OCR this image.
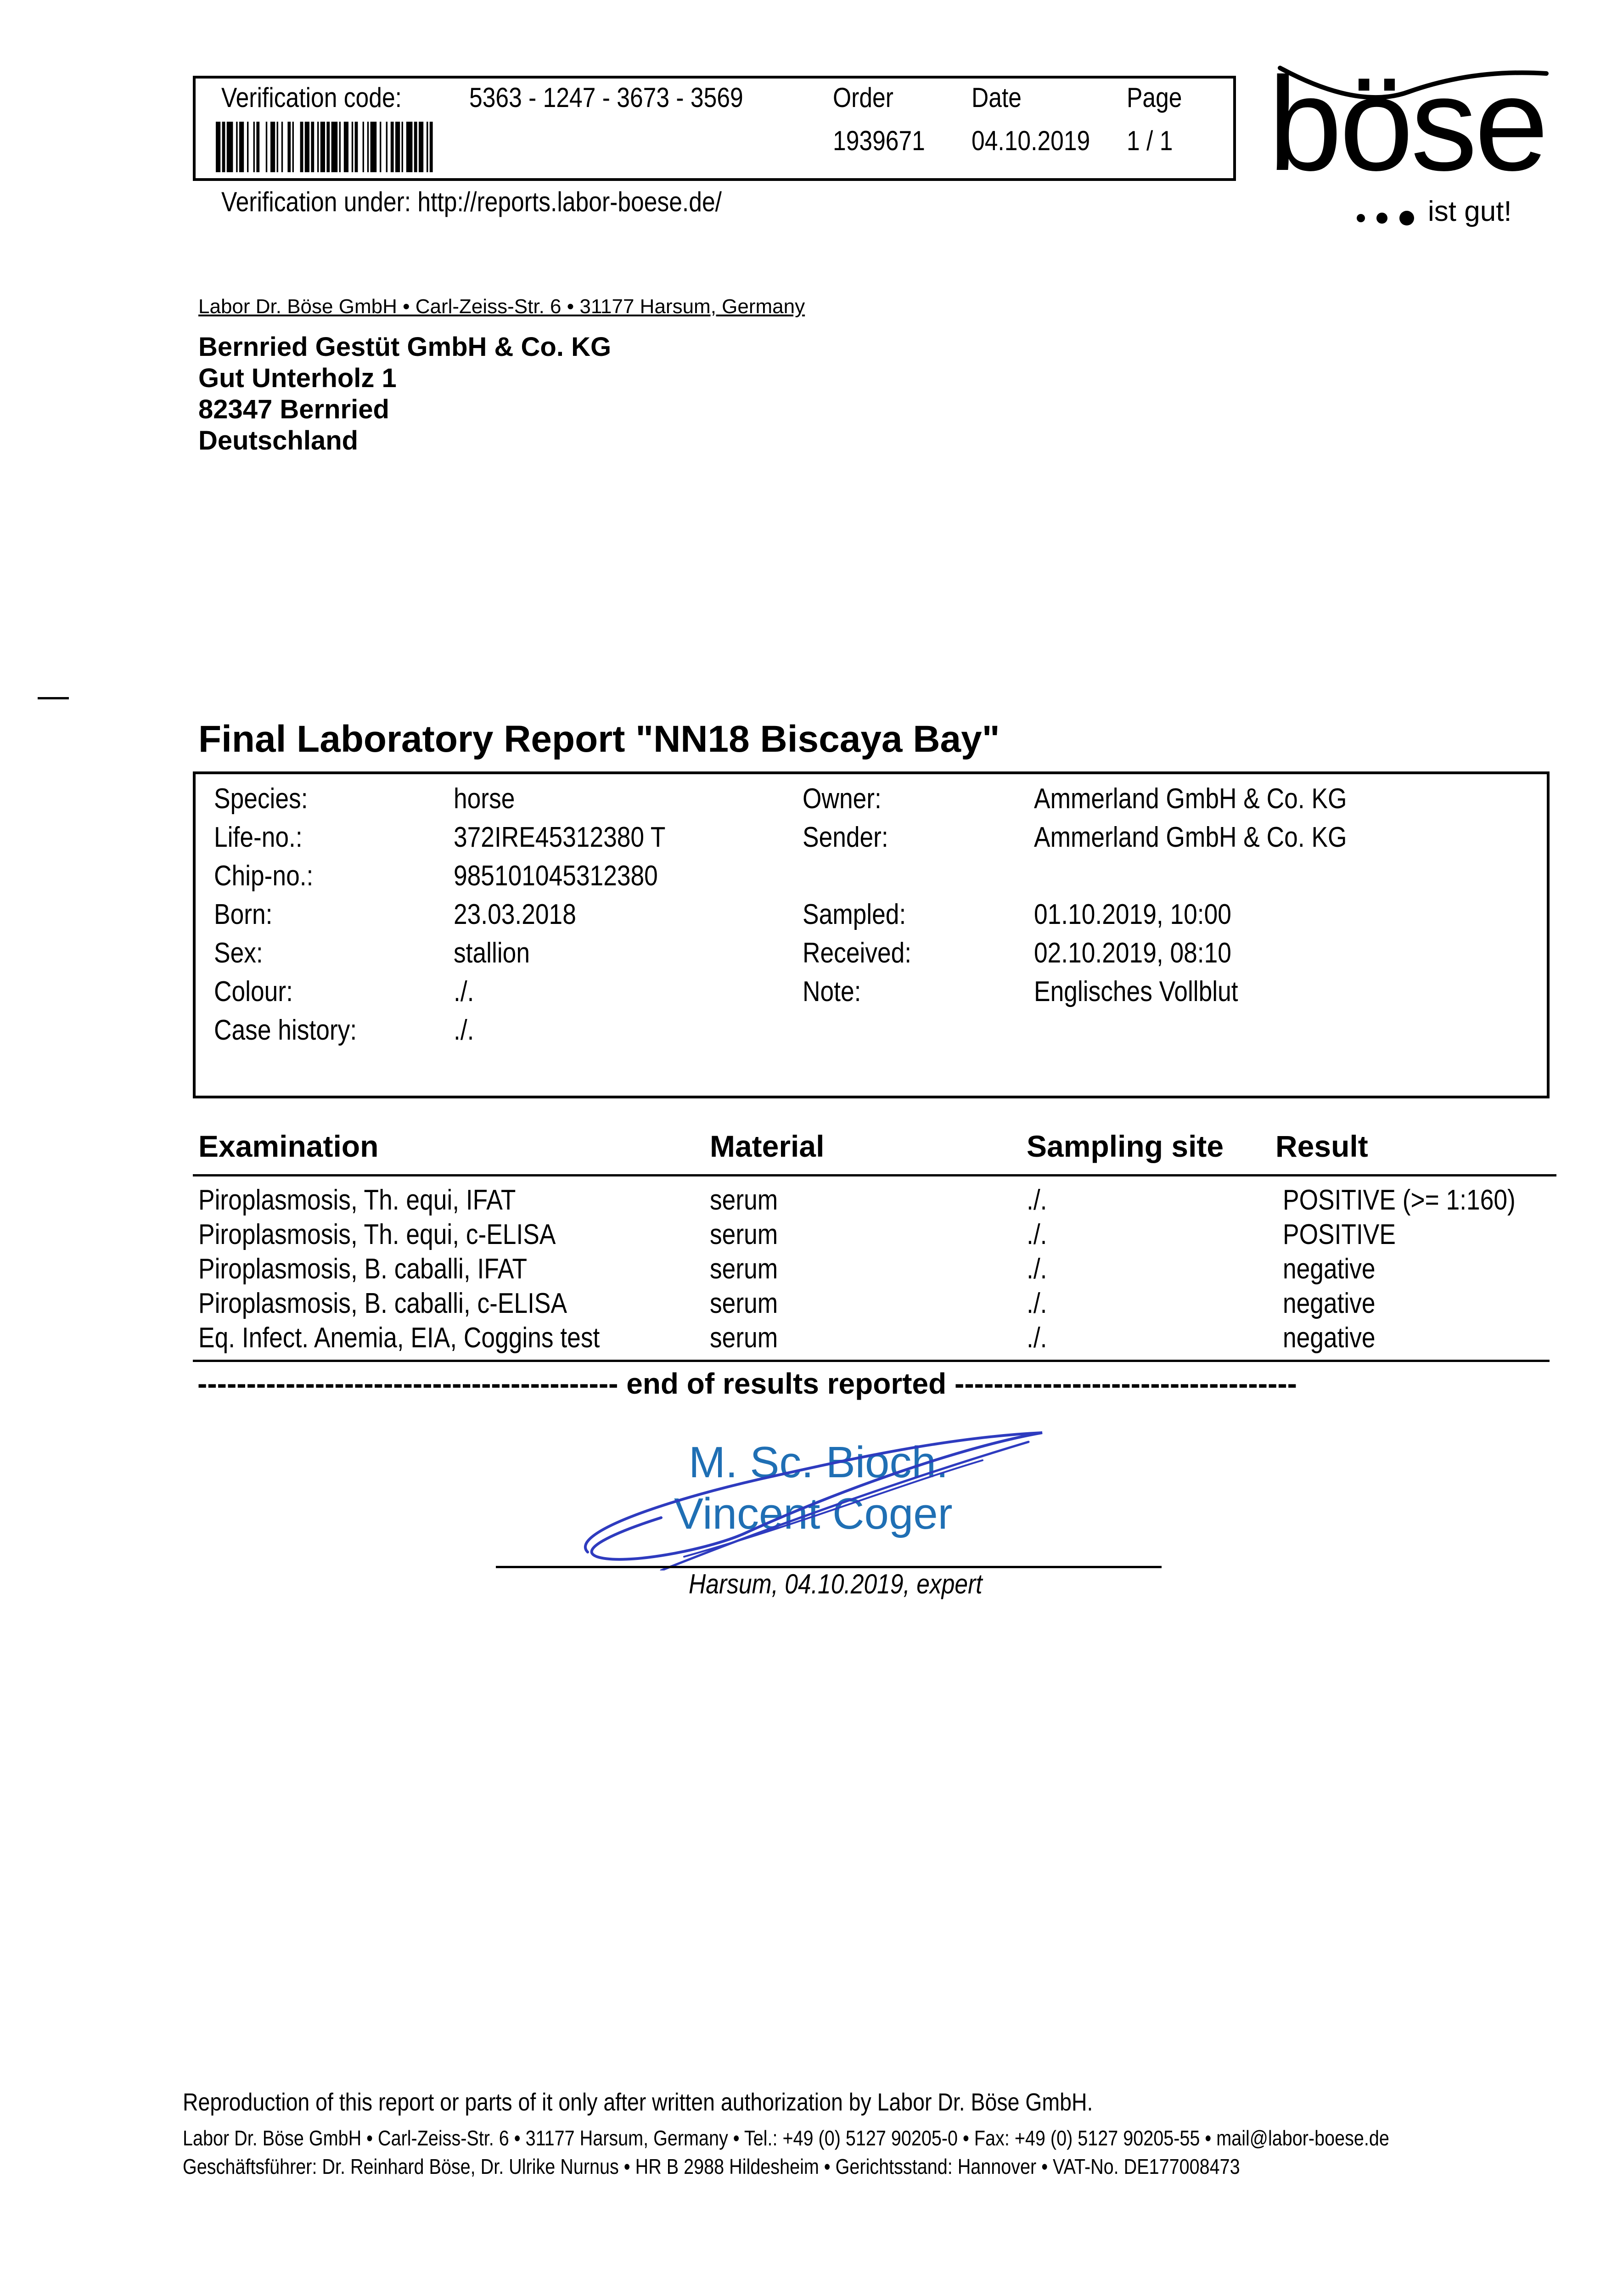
Verification code:	5363 - 1247 - 3673 - 3569	Order	Date	Page
1939671	04.10.2019	1 / 1
Verification under: http://reports.labor-boese.de/
böse
ist gut!
Labor Dr. Böse GmbH • Carl-Zeiss-Str. 6 • 31177 Harsum, Germany
Bernried Gestüt GmbH & Co. KG
Gut Unterholz 1
82347 Bernried
Deutschland
Final Laboratory Report "NN18 Biscaya Bay"
Species:	horse
Life-no.:	372IRE45312380 T
Chip-no.:	985101045312380
Born:	23.03.2018
Sex:	stallion
Colour:	./.
Case history:	./.
Owner:	Ammerland GmbH & Co. KG
Sender:	Ammerland GmbH & Co. KG
Sampled:	01.10.2019, 10:00
Received:	02.10.2019, 08:10
Note:	Englisches Vollblut
Examination	Material	Sampling site Result
Piroplasmosis, Th. equi, IFAT	serum	./.	POSITIVE (>= 1:160)
Piroplasmosis, Th. equi, c-ELISA	serum	./.	POSITIVE
Piroplasmosis, B. caballi, IFAT	serum	./.	negative
Piroplasmosis, B. caballi, c-ELISA	serum	./.	negative
Eq. Infect. Anemia, EIA, Coggins test	serum	./.	negative
------------------------------------------- end of results reported -----------------------------------
M. Sc. Bioch.
Vincent Coger
Harsum, 04.10.2019, expert
Reproduction of this report or parts of it only after written authorization by Labor Dr. Böse GmbH.
Labor Dr. Böse GmbH • Carl-Zeiss-Str. 6 • 31177 Harsum, Germany • Tel.: +49 (0) 5127 90205-0 • Fax: +49 (0) 5127 90205-55 • mail@labor-boese.de
Geschäftsführer: Dr. Reinhard Böse, Dr. Ulrike Nurnus • HR B 2988 Hildesheim • Gerichtsstand: Hannover • VAT-No. DE177008473
